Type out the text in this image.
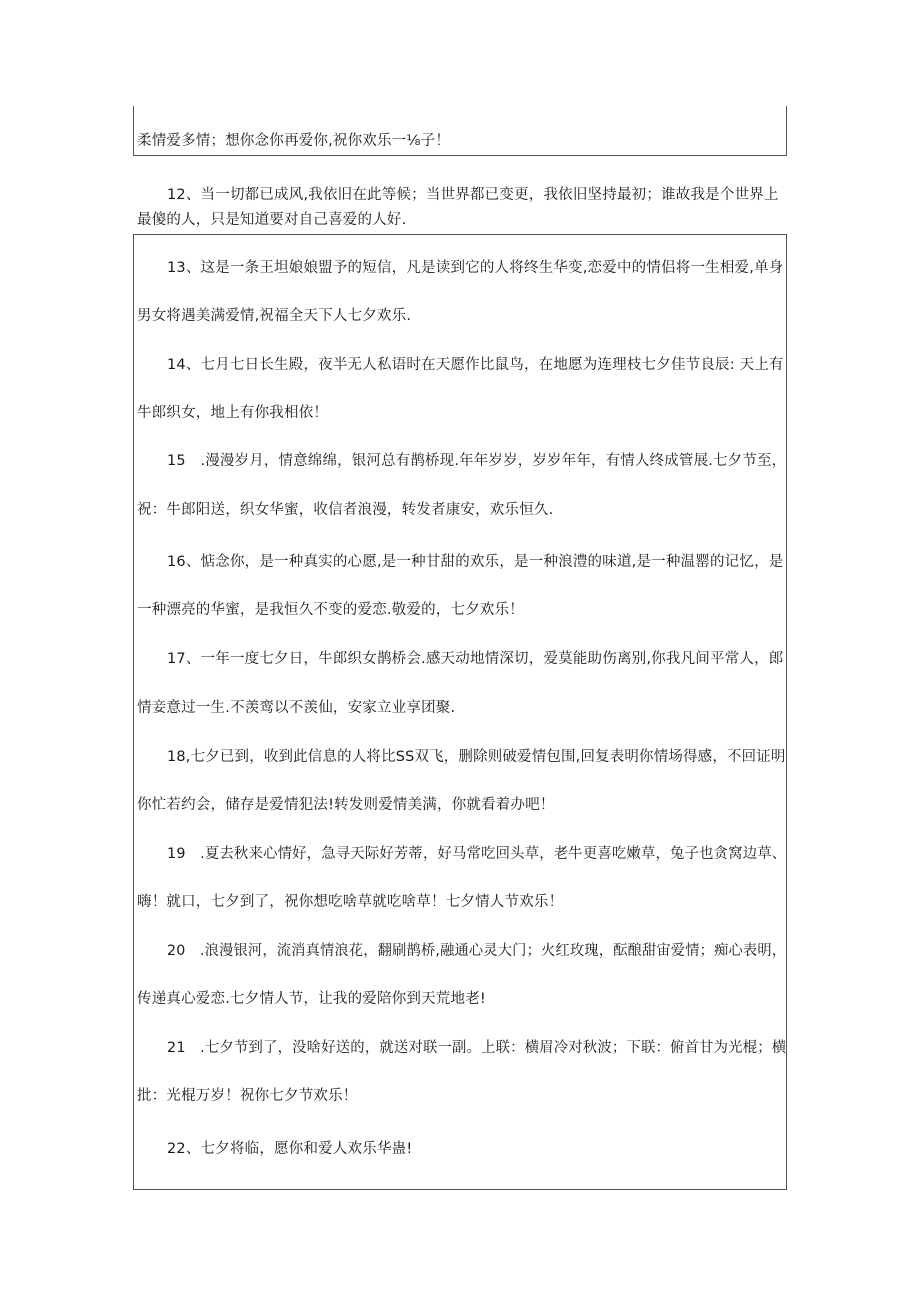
柔情爱多情；想你念你再爱你,祝你欢乐一⅛子！
12、当一切都已成风,我依旧在此等候；当世界都已变更，我依旧坚持最初；谁故我是个世界上
最傻的人，只是知道要对自己喜爱的人好.
13、这是一条王坦娘娘盟予的短信，凡是读到它的人将终生华变,恋爱中的情侣将一生相爱,单身
男女将遇美满爱情,祝福全天下人七夕欢乐.
14、七月七日长生殿，夜半无人私语时在天愿作比鼠鸟，在地愿为连理枝七夕佳节良辰: 天上有
牛郎织女，地上有你我相依！
15　.漫漫岁月，情意绵绵，银河总有鹊桥现.年年岁岁，岁岁年年，有情人终成管展.七夕节至，
祝：牛郎阳送，织女华蜜，收信者浪漫，转发者康安，欢乐恒久.
16、惦念你，是一种真实的心愿,是一种甘甜的欢乐，是一种浪澧的味道,是一种温罂的记忆，是
一种漂亮的华蜜，是我恒久不变的爱恋.敬爱的，七夕欢乐！
17、一年一度七夕日，牛郎织女鹊桥会.感天动地情深切，爱莫能助伤离别,你我凡间平常人，郎
情妾意过一生.不羡鸾以不羡仙，安家立业享团聚.
18,七夕已到，收到此信息的人将比SS双飞，删除则破爱情包围,回复表明你情场得感，不回证明
你忙若约会，储存是爱情犯法!转发则爱情美满，你就看着办吧！
19　.夏去秋来心情好，急寻天际好芳蒂，好马常吃回头草，老牛更喜吃嫩草，兔子也贪窝边草、
嗨！就口，七夕到了，祝你想吃啥草就吃啥草！七夕情人节欢乐！
20　.浪漫银河，流消真情浪花，翻刷鹊桥,融通心灵大门；火红玫瑰，酝酿甜宙爱情；痴心表明，
传递真心爱恋.七夕情人节，让我的爱陪你到天荒地老!
21　.七夕节到了，没啥好送的，就送对联一副。上联：横眉冷对秋波；下联：俯首甘为光棍；横
批：光棍万岁！祝你七夕节欢乐！
22、七夕将临，愿你和爱人欢乐华蛊!
